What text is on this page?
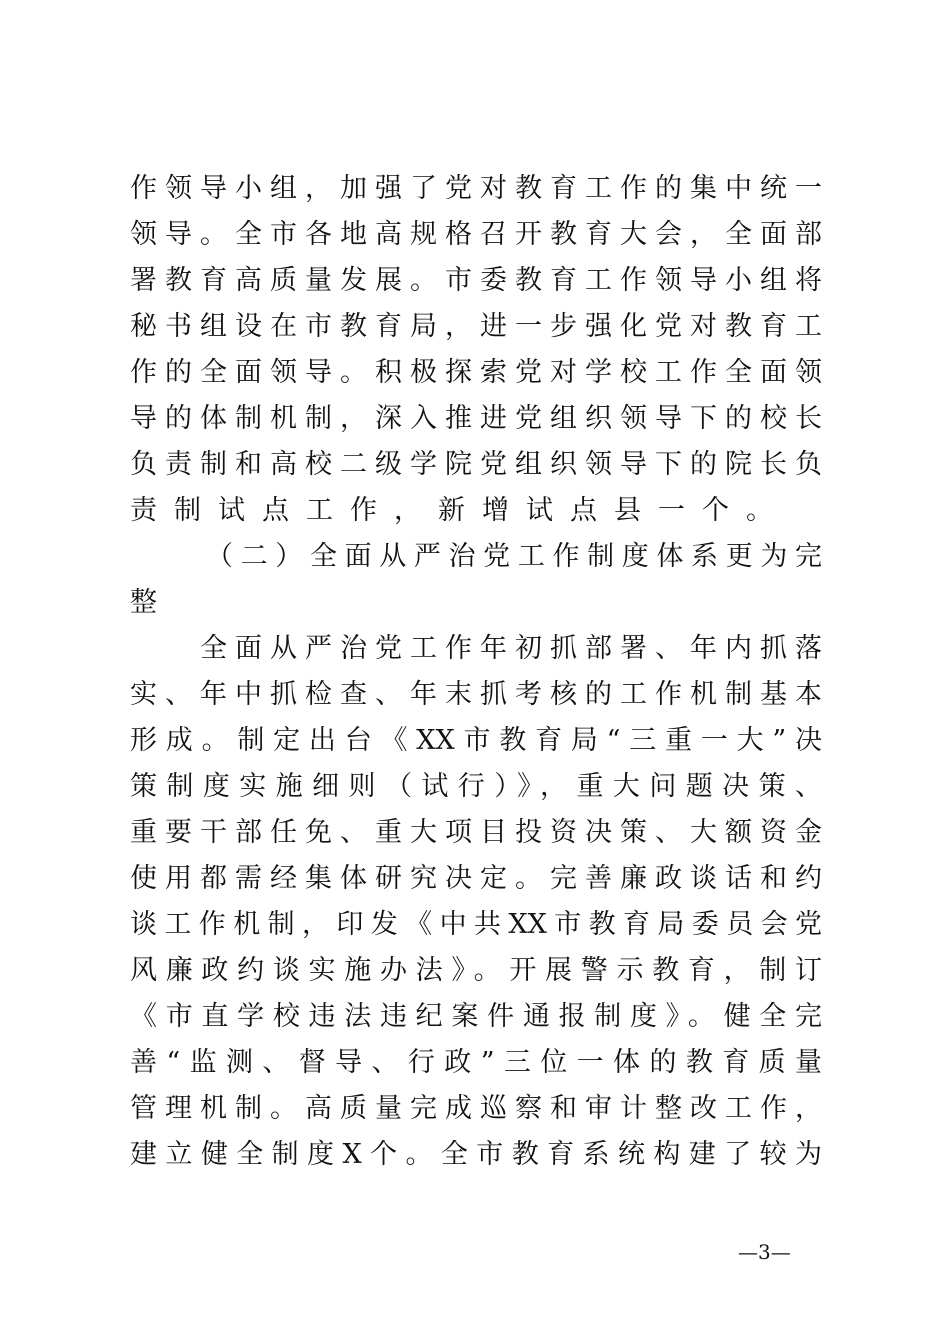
作领导小组，加强了党对教育工作的集中统一
领导。全市各地高规格召开教育大会，全面部
署教育高质量发展。市委教育工作领导小组将
秘书组设在市教育局，进一步强化党对教育工
作的全面领导。积极探索党对学校工作全面领
导的体制机制，深入推进党组织领导下的校长
负责制和高校二级学院党组织领导下的院长负
责制试点工作，新增试点县一个。
（二）全面从严治党工作制度体系更为完
整
全面从严治党工作年初抓部署、年内抓落
实、年中抓检查、年末抓考核的工作机制基本
形成。制定出台《XX市教育局“三重一大”决
策制度实施细则（试行）》，重大问题决策、
重要干部任免、重大项目投资决策、大额资金
使用都需经集体研究决定。完善廉政谈话和约
谈工作机制，印发《中共XX市教育局委员会党
风廉政约谈实施办法》。开展警示教育，制订
《市直学校违法违纪案件通报制度》。健全完
善“监测、督导、行政”三位一体的教育质量
管理机制。高质量完成巡察和审计整改工作，
建立健全制度X个。全市教育系统构建了较为
—3—
